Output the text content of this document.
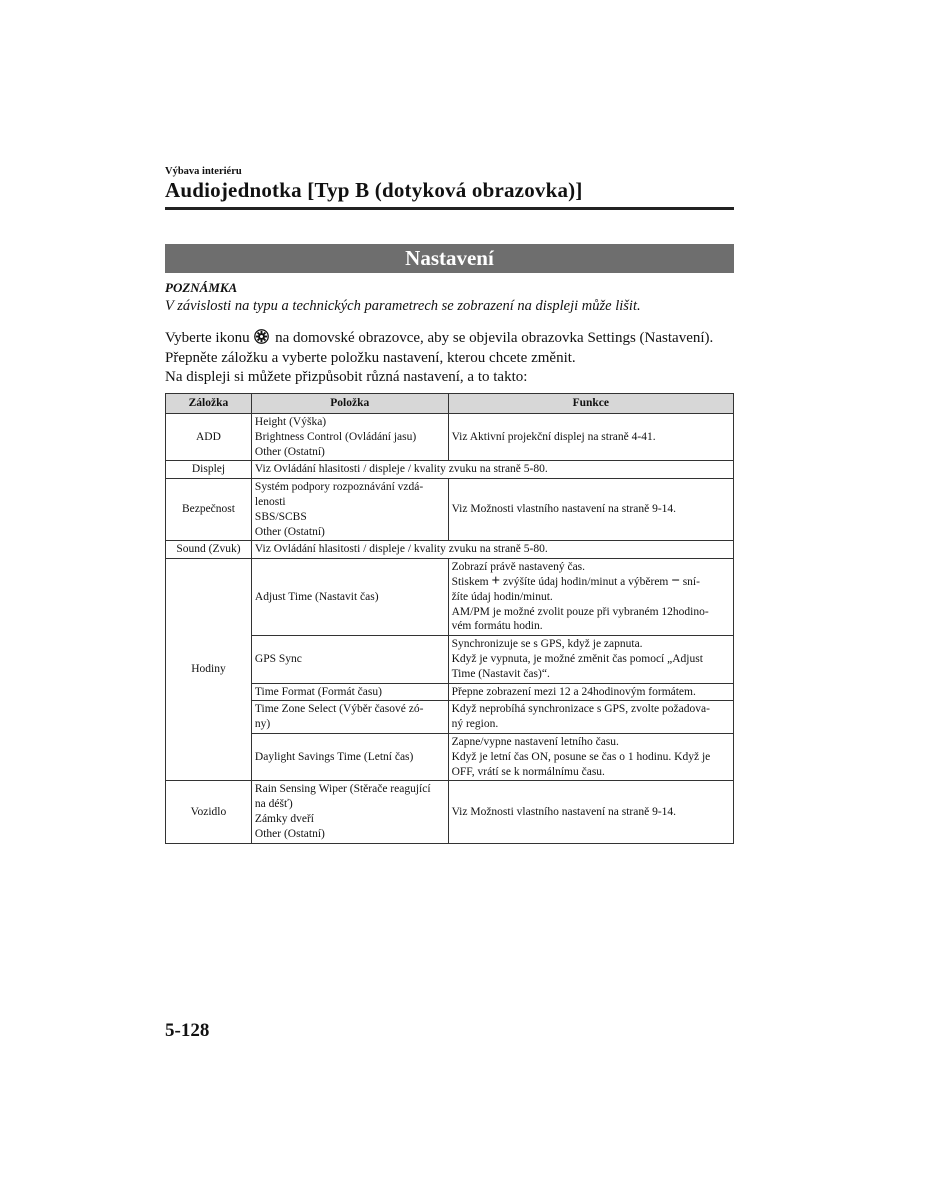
Výbava interiéru
Audiojednotka [Typ B (dotyková obrazovka)]
Nastavení
POZNÁMKA
V závislosti na typu a technických parametrech se zobrazení na displeji může lišit.

Vyberte ikonu na domovské obrazovce, aby se objevila obrazovka Settings (Nastavení).

Přepněte záložku a vyberte položku nastavení, kterou chcete změnit.

Na displeji si můžete přizpůsobit různá nastavení, a to takto:

Záložka	Položka	Funkce
ADD	Height (Výška)
Brightness Control (Ovládání jasu)
Other (Ostatní)	Viz Aktivní projekční displej na straně 4-41.
Displej	Viz Ovládání hlasitosti / displeje / kvality zvuku na straně 5-80.	
Bezpečnost	Systém podpory rozpoznávání vzdá-
lenosti
SBS/SCBS
Other (Ostatní)	Viz Možnosti vlastního nastavení na straně 9-14.
Sound (Zvuk)	Viz Ovládání hlasitosti / displeje / kvality zvuku na straně 5-80.	
Hodiny	Adjust Time (Nastavit čas)	Zobrazí právě nastavený čas.
Stiskem + zvýšíte údaj hodin/minut a výběrem − sní-
žíte údaj hodin/minut.
AM/PM je možné zvolit pouze při vybraném 12hodino-
vém formátu hodin.

	GPS Sync	Synchronizuje se s GPS, když je zapnuta.
Když je vypnuta, je možné změnit čas pomocí „Adjust
Time (Nastavit čas)“.

	Time Format (Formát času)	Přepne zobrazení mezi 12 a 24hodinovým formátem.

	Time Zone Select (Výběr časové zó-
ny)	Když neprobíhá synchronizace s GPS, zvolte požadova-
ný region.

	Daylight Savings Time (Letní čas)	Zapne/vypne nastavení letního času.
Když je letní čas ON, posune se čas o 1 hodinu. Když je
OFF, vrátí se k normálnímu času.

Vozidlo	Rain Sensing Wiper (Stěrače reagující
na déšť)
Zámky dveří
Other (Ostatní)	Viz Možnosti vlastního nastavení na straně 9-14.
5-128
